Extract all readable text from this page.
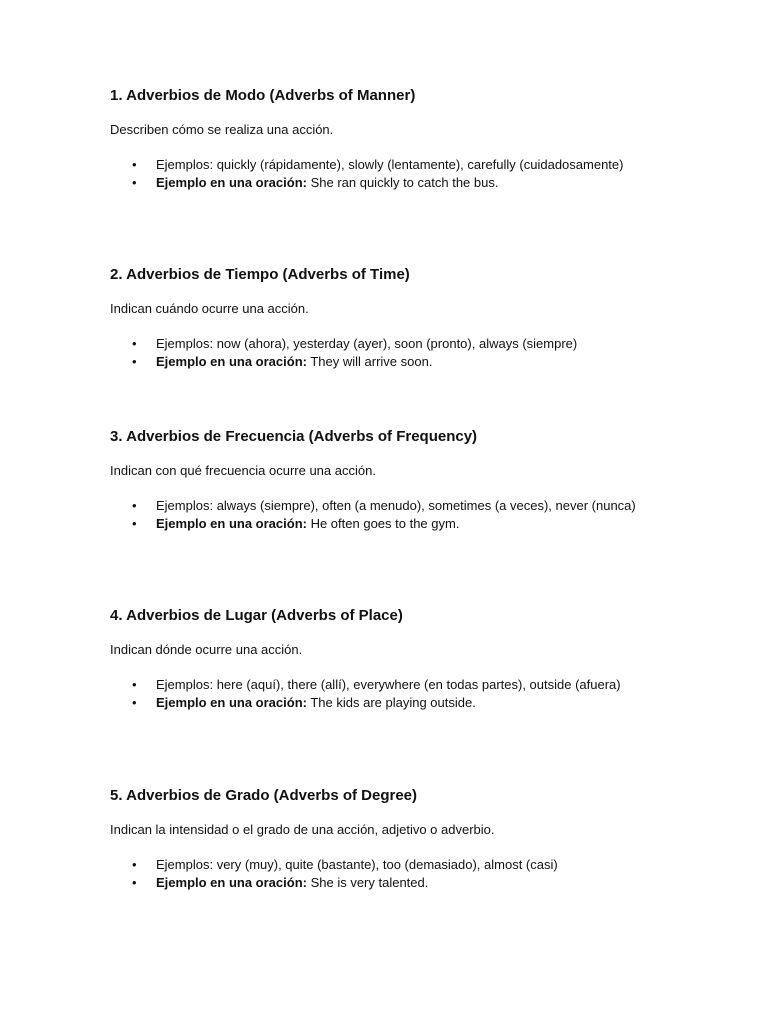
1. Adverbios de Modo (Adverbs of Manner)

Describen cómo se realiza una acción.

• Ejemplos: quickly (rápidamente), slowly (lentamente), carefully (cuidadosamente)
• Ejemplo en una oración: She ran quickly to catch the bus.
2. Adverbios de Tiempo (Adverbs of Time)

Indican cuándo ocurre una acción.

• Ejemplos: now (ahora), yesterday (ayer), soon (pronto), always (siempre)
• Ejemplo en una oración: They will arrive soon.
3. Adverbios de Frecuencia (Adverbs of Frequency)

Indican con qué frecuencia ocurre una acción.

• Ejemplos: always (siempre), often (a menudo), sometimes (a veces), never (nunca)
• Ejemplo en una oración: He often goes to the gym.
4. Adverbios de Lugar (Adverbs of Place)

Indican dónde ocurre una acción.

• Ejemplos: here (aquí), there (allí), everywhere (en todas partes), outside (afuera)
• Ejemplo en una oración: The kids are playing outside.
5. Adverbios de Grado (Adverbs of Degree)

Indican la intensidad o el grado de una acción, adjetivo o adverbio.

• Ejemplos: very (muy), quite (bastante), too (demasiado), almost (casi)
• Ejemplo en una oración: She is very talented.
